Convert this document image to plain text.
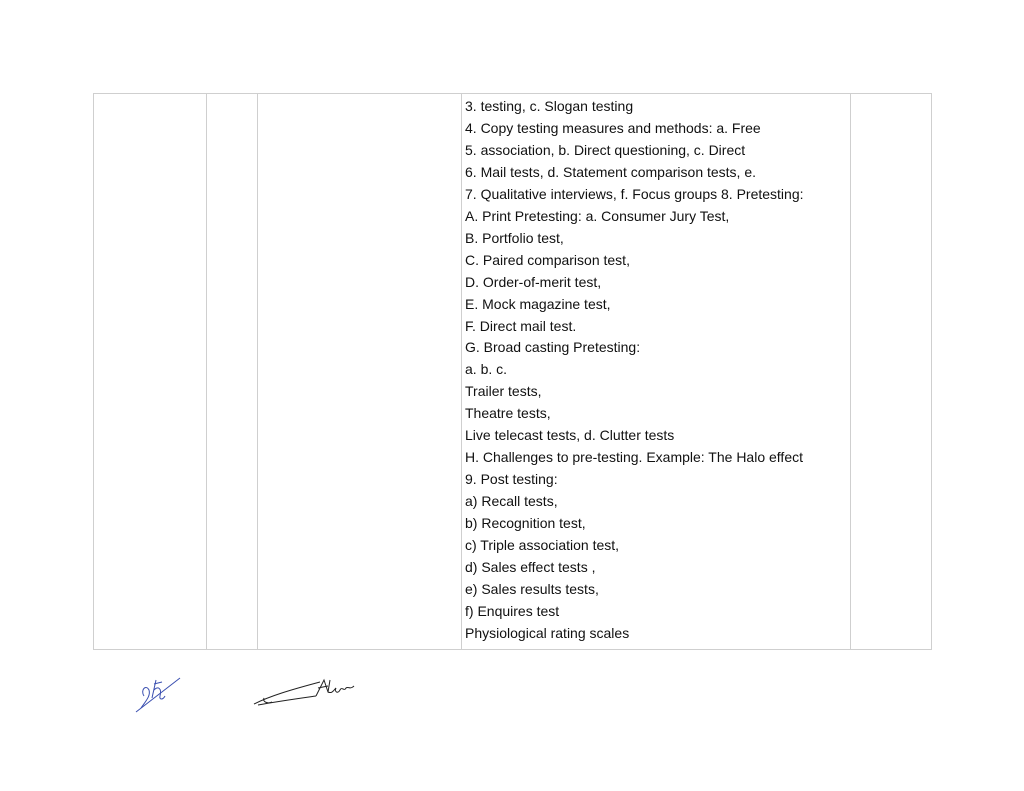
3. testing, c. Slogan testing
4. Copy testing measures and methods: a. Free
5. association, b. Direct questioning, c. Direct
6. Mail tests, d. Statement comparison tests, e.
7. Qualitative interviews, f. Focus groups 8. Pretesting:
A. Print Pretesting: a. Consumer Jury Test,
B. Portfolio test,
C. Paired comparison test,
D. Order-of-merit test,
E. Mock magazine test,
F. Direct mail test.
G. Broad casting Pretesting:
a. b. c.
Trailer tests,
Theatre tests,
Live telecast tests, d. Clutter tests
H. Challenges to pre-testing. Example: The Halo effect
9. Post testing:
a) Recall tests,
b) Recognition test,
c) Triple association test,
d) Sales effect tests ,
e) Sales results tests,
f) Enquires test
Physiological rating scales
